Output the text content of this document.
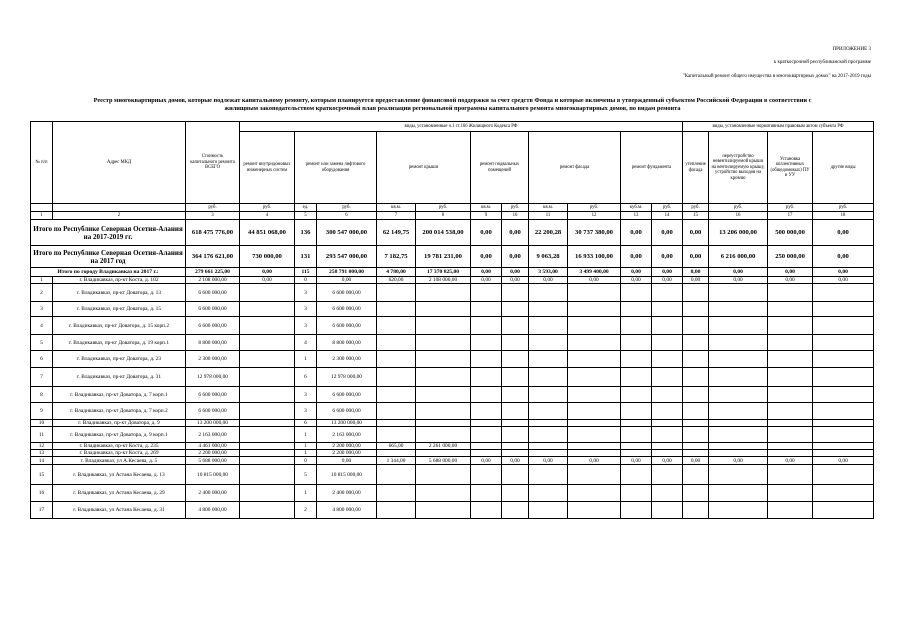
ПРИЛОЖЕНИЕ 3
к краткосрочной республиканской программе
"Капитальный ремонт общего имущества в многоквартирных домах" на 2017-2019 годы
Реестр многоквартирных домов, которые подлежат капитальному ремонту, которым планируется предоставление финансовой поддержки за счет средств Фонда и которые включены в утвержденный субъектом Российской Федерации в соответствии с
жилищным законодательством краткосрочный план реализации региональной программы капитального ремонта многоквартирных домов, по видам ремонта
№ п/п	Адрес МКД	Стоимость капитального ремонта ВСЕГО	виды, установленные ч.1 ст.166 Жилищного Кодекса РФ											виды, установленные нормативным правовым актом субъекта РФ			
			ремонт внутридомовых инженерных систем	ремонт или замена лифтового оборудования		ремонт крыши		ремонт подвальных помещений		ремонт фасада		ремонт фундамента		утепление фасада	переустройство невентилируемой крыши на вентилируемую крышу, устройство выходов на кровлю	Установка коллективных (общедомовых) ПУ и УУ	другие виды
		руб.	руб.	ед.	руб.	кв.м.	руб.	кв.м.	руб.	кв.м.	руб.	куб.м.	руб.	руб.	руб.	руб.	руб.
1	2	3	4	5	6	7	8	9	10	11	12	13	14	15	16	17	18
Итого по Республике Северная Осетия-Алания на 2017-2019 гг.		618 475 776,00	44 851 068,00	136	300 547 000,00	62 149,75	200 014 538,00	0,00	0,00	22 200,28	30 737 380,00	0,00	0,00	0,00	13 206 000,00	500 000,00	0,00
Итого по Республике Северная Осетия-Алания на 2017 год		364 176 621,00	730 000,00	131	293 547 000,00	7 182,75	19 781 231,00	0,00	0,00	9 063,28	16 933 100,00	0,00	0,00	0,00	6 216 000,00	250 000,00	0,00
Итого по городу Владикавказ на 2017 г.:		279 661 225,00	0,00	115	258 791 000,00	4 780,00	17 370 825,00	0,00	0,00	3 593,00	3 499 400,00	0,00	0,00	0,00	0,00	0,00	0,00
1	г. Владикавказ, пр-кт Коста, д. 102	2 108 000,00	0,00	0	0,00	620,00	2 108 000,00	0,00	0,00	0,00	0,00	0,00	0,00	0,00	0,00	0,00	0,00
2	г. Владикавказ, пр-кт Доватора, д. 13	6 600 000,00		3	6 600 000,00												
3	г. Владикавказ, пр-кт Доватора, д. 15	6 600 000,00		3	6 600 000,00												
4	г. Владикавказ, пр-кт Доватора, д. 15 корп.2	6 600 000,00		3	6 600 000,00												
5	г. Владикавказ, пр-кт Доватора, д. 19 корп.1	8 800 000,00		4	8 800 000,00												
6	г. Владикавказ, пр-кт Доватора, д. 23	2 300 000,00		1	2 300 000,00												
7	г. Владикавказ, пр-кт Доватора, д. 31	12 978 000,00		6	12 978 000,00												
8	г. Владикавказ, пр-кт Доватора, д. 7 корп.1	6 600 000,00		3	6 600 000,00												
9	г. Владикавказ, пр-кт Доватора, д. 7 корп.2	6 600 000,00		3	6 600 000,00												
10	г. Владикавказ, пр-кт Доватора, д. 9	13 200 000,00		6	13 200 000,00												
11	г. Владикавказ, пр-кт Доватора, д. 9 корп.1	2 163 000,00		1	2 163 000,00												
12	г. Владикавказ, пр-кт Коста, д. 235	4 461 000,00		1	2 200 000,00	665,00	2 261 000,00										
13	г. Владикавказ, пр-кт Коста, д. 269	2 200 000,00		1	2 200 000,00												
14	г. Владикавказ, ул А.Кесаева, д. 5	5 688 000,00		0	0,00	1 344,00	5 688 000,00	0,00	0,00	0,00	0,00	0,00	0,00	0,00	0,00	0,00	0,00
15	г. Владикавказ, ул Астана Кесаева, д. 13	10 815 000,00		5	10 815 000,00												
16	г. Владикавказ, ул Астана Кесаева, д. 29	2 400 000,00		1	2 400 000,00												
17	г. Владикавказ, ул Астана Кесаева, д. 31	4 800 000,00		2	4 800 000,00												
